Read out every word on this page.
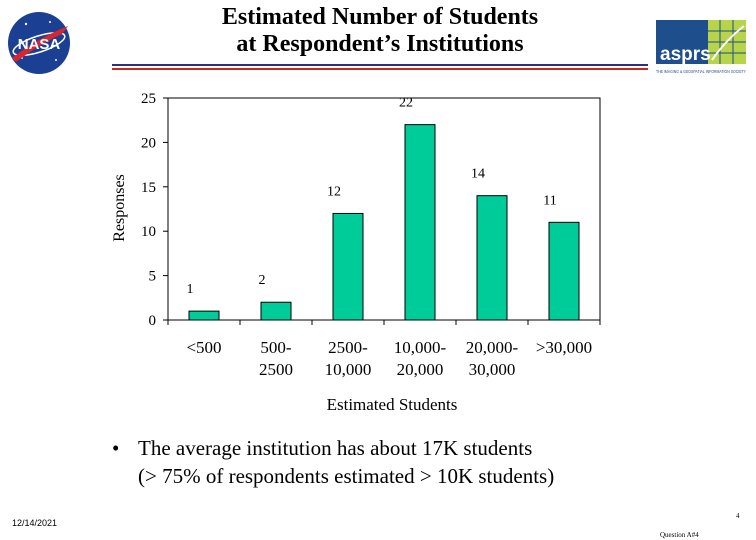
Estimated Number of Students
at Respondent’s Institutions
NASA	asprs
THE IMAGING & GEOSPATIAL INFORMATION SOCIETY
0
5
10
15
20
25
1
2
12
22
14
11
<500 500-2500
2500-10,000
10,000-20,000
20,000-30,000
>30,000
Responses
Estimated Students
• The average institution has about 17K students
(> 75% of respondents estimated > 10K students)
12/14/2021
4
Question A#4
